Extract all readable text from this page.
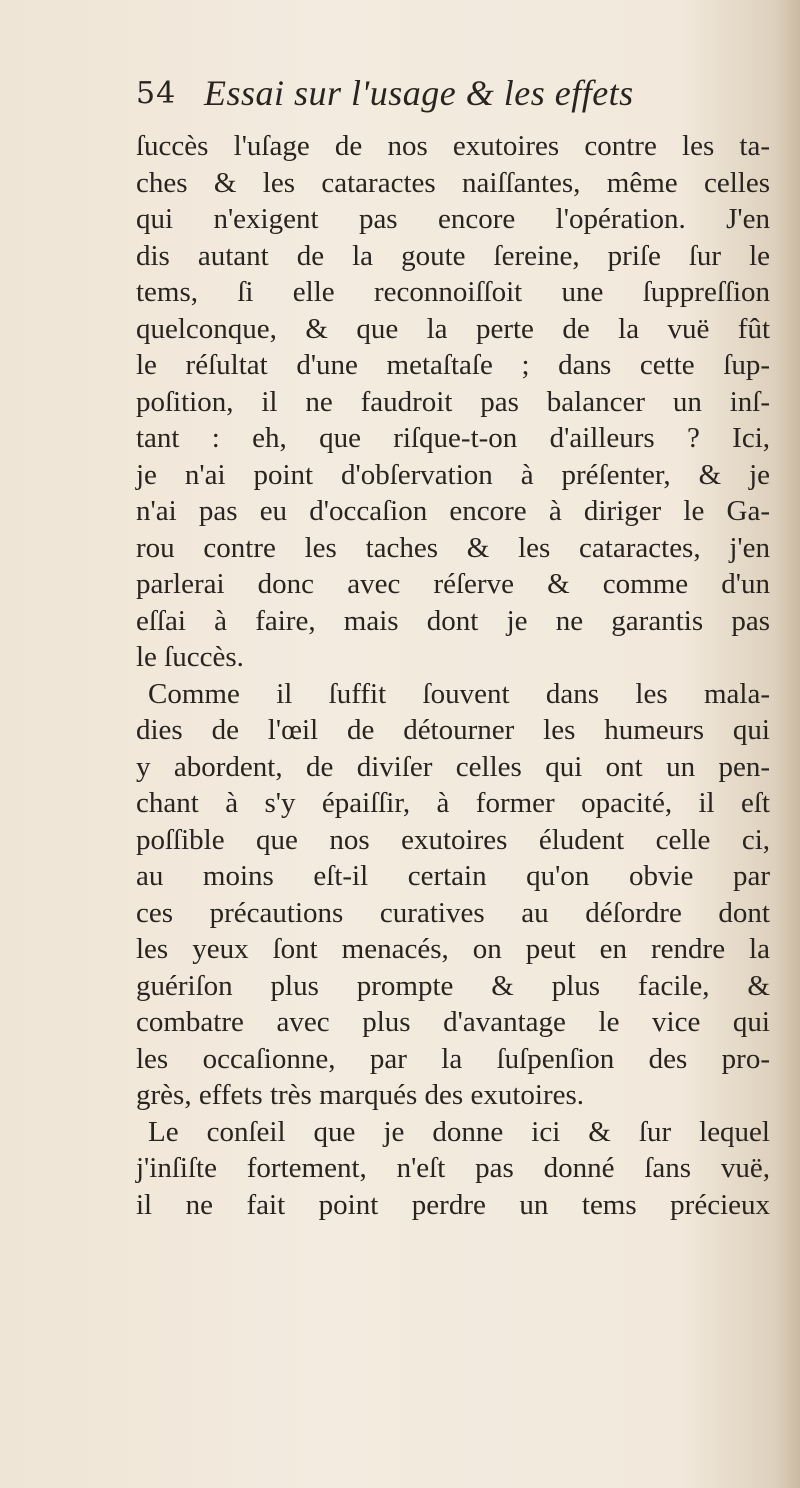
54 Essai sur l'usage & les effets
ſuccès l'uſage de nos exutoires contre les ta-
ches & les cataractes naiſſantes, même celles
qui n'exigent pas encore l'opération. J'en
dis autant de la goute ſereine, priſe ſur le
tems, ſi elle reconnoiſſoit une ſuppreſſion
quelconque, & que la perte de la vuë fût
le réſultat d'une metaſtaſe ; dans cette ſup-
poſition, il ne faudroit pas balancer un inſ-
tant : eh, que riſque-t-on d'ailleurs ? Ici,
je n'ai point d'obſervation à préſenter, & je
n'ai pas eu d'occaſion encore à diriger le Ga-
rou contre les taches & les cataractes, j'en
parlerai donc avec réſerve & comme d'un
eſſai à faire, mais dont je ne garantis pas
le ſuccès.
Comme il ſuffit ſouvent dans les mala-
dies de l'œil de détourner les humeurs qui
y abordent, de diviſer celles qui ont un pen-
chant à s'y épaiſſir, à former opacité, il eſt
poſſible que nos exutoires éludent celle ci,
au moins eſt-il certain qu'on obvie par
ces précautions curatives au déſordre dont
les yeux ſont menacés, on peut en rendre la
guériſon plus prompte & plus facile, &
combatre avec plus d'avantage le vice qui
les occaſionne, par la ſuſpenſion des pro-
grès, effets très marqués des exutoires.
Le conſeil que je donne ici & ſur lequel
j'inſiſte fortement, n'eſt pas donné ſans vuë,
il ne fait point perdre un tems précieux
